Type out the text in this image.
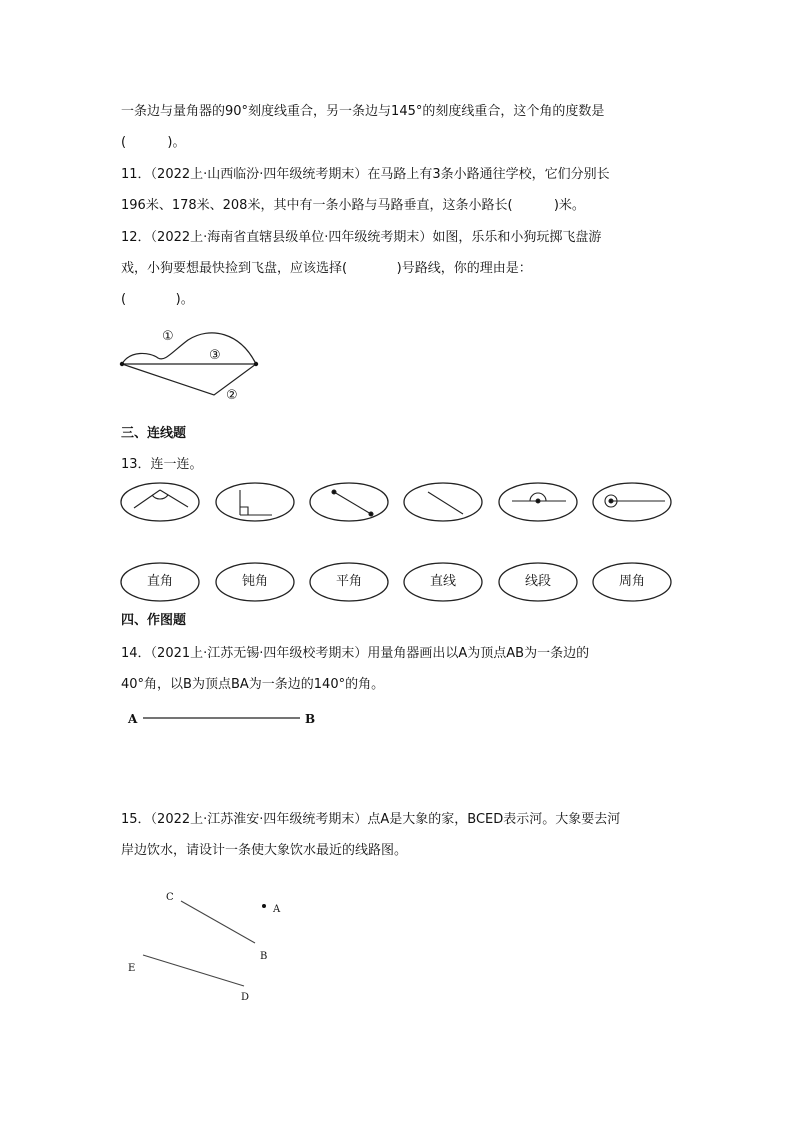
一条边与量角器的90°刻度线重合，另一条边与145°的刻度线重合，这个角的度数是
(          )。
11．（2022上·山西临汾·四年级统考期末）在马路上有3条小路通往学校，它们分别长
196米、178米、208米，其中有一条小路与马路垂直，这条小路长(          )米。
12．（2022上·海南省直辖县级单位·四年级统考期末）如图，乐乐和小狗玩掷飞盘游
戏，小狗要想最快捡到飞盘，应该选择(            )号路线，你的理由是：
(            )。
①
②
③
三、连线题
13．连一连。
直角	钝角	平角	直线	线段	周角
四、作图题
14．（2021上·江苏无锡·四年级校考期末）用量角器画出以A为顶点AB为一条边的
40°角，以B为顶点BA为一条边的140°的角。
A	B
15．（2022上·江苏淮安·四年级统考期末）点A是大象的家，BCED表示河。大象要去河
岸边饮水，请设计一条使大象饮水最近的线路图。
C
A
B
E
D
